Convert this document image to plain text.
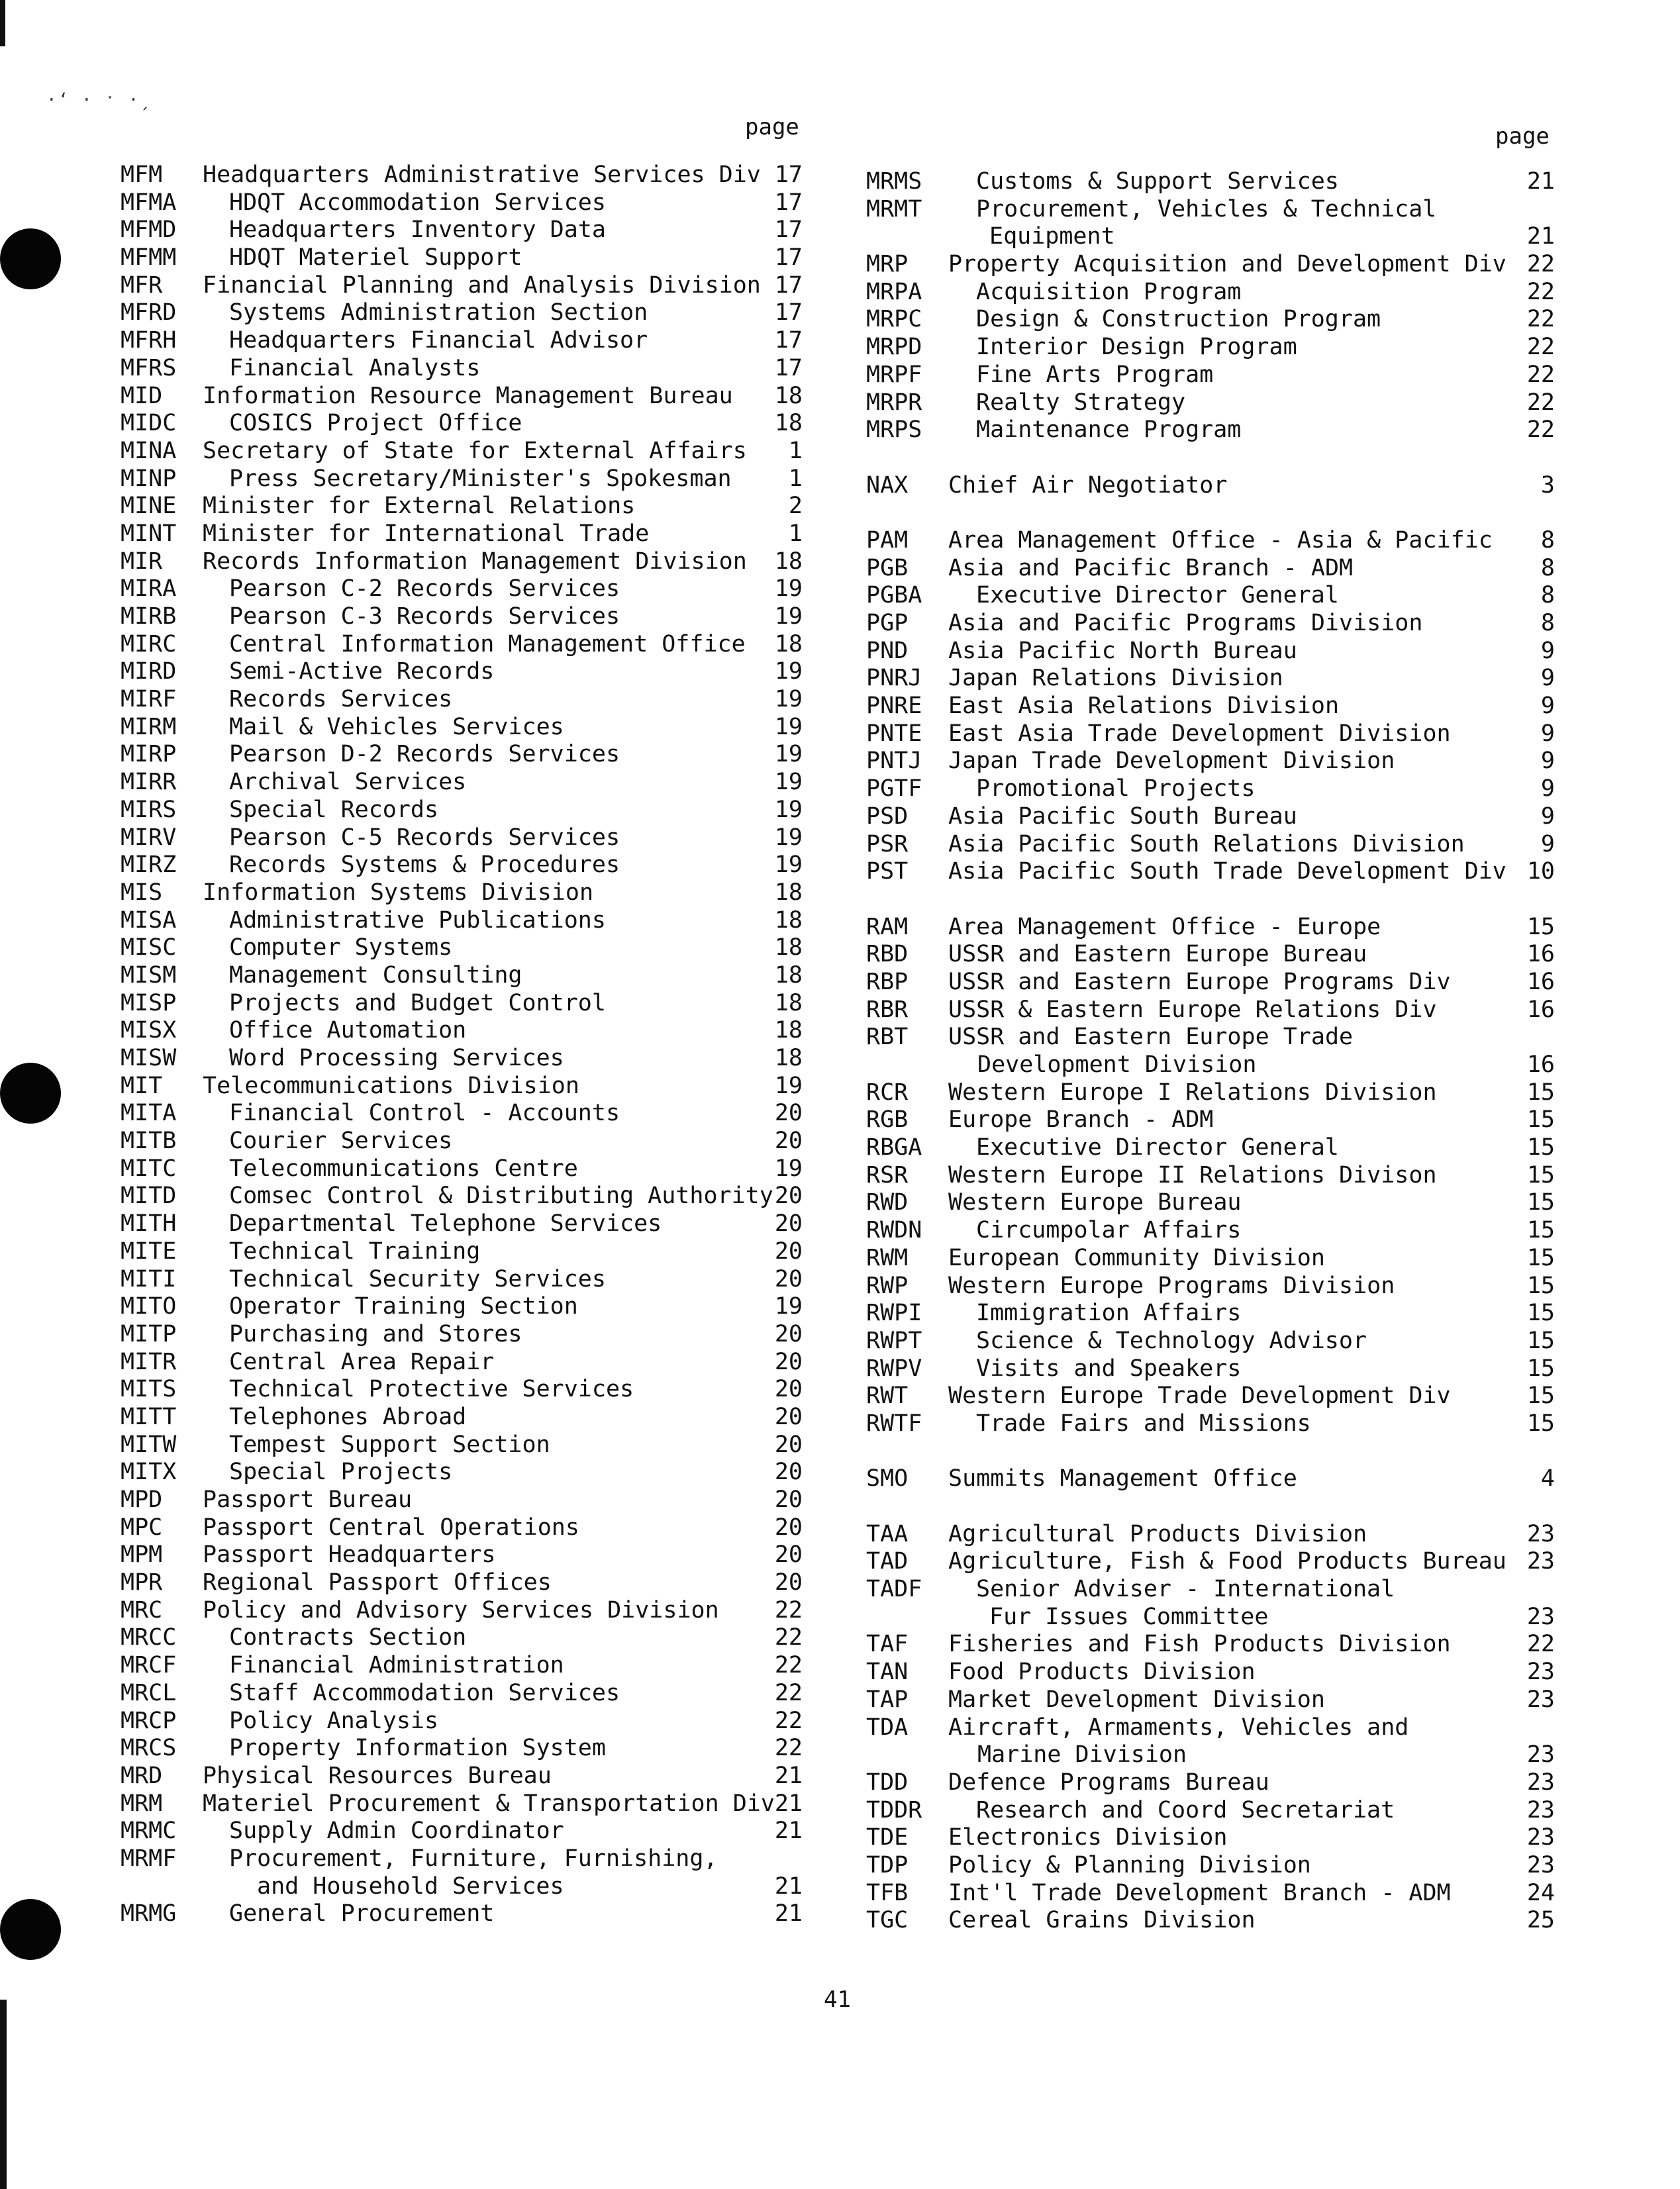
·ʻ · ˑ ·ˏ
page	page
MFM Headquarters Administrative Services Div 17
MFMA HDQT Accommodation Services	17
MFMD Headquarters Inventory Data	17
MFMM HDQT Materiel Support	17
MFR Financial Planning and Analysis Division 17
MFRD Systems Administration Section	17
MFRH Headquarters Financial Advisor	17
MFRS Financial Analysts	17
MID Information Resource Management Bureau 18
MIDC COSICS Project Office	18
MINA Secretary of State for External Affairs 1
MINP Press Secretary/Minister's Spokesman 1
MINE Minister for External Relations	2
MINT Minister for International Trade	1
MIR Records Information Management Division 18
MIRA Pearson C-2 Records Services	19
MIRB Pearson C-3 Records Services	19
MIRC Central Information Management Office 18
MIRD Semi-Active Records	19
MIRF Records Services	19
MIRM Mail & Vehicles Services	19
MIRP Pearson D-2 Records Services	19
MIRR Archival Services	19
MIRS Special Records	19
MIRV Pearson C-5 Records Services	19
MIRZ Records Systems & Procedures	19
MIS Information Systems Division	18
MISA Administrative Publications	18
MISC Computer Systems	18
MISM Management Consulting	18
MISP Projects and Budget Control	18
MISX Office Automation	18
MISW Word Processing Services	18
MIT Telecommunications Division	19
MITA Financial Control - Accounts	20
MITB Courier Services	20
MITC Telecommunications Centre	19
MITD Comsec Control & Distributing Authority 20
MITH Departmental Telephone Services	20
MITE Technical Training	20
MITI Technical Security Services	20
MITO Operator Training Section	19
MITP Purchasing and Stores	20
MITR Central Area Repair	20
MITS Technical Protective Services	20
MITT Telephones Abroad	20
MITW Tempest Support Section	20
MITX Special Projects	20
MPD Passport Bureau	20
MPC Passport Central Operations	20
MPM Passport Headquarters	20
MPR Regional Passport Offices	20
MRC Policy and Advisory Services Division 22
MRCC Contracts Section	22
MRCF Financial Administration	22
MRCL Staff Accommodation Services	22
MRCP Policy Analysis	22
MRCS Property Information System	22
MRD Physical Resources Bureau	21
MRM Materiel Procurement & Transportation Div 21
MRMC Supply Admin Coordinator	21
MRMF Procurement, Furniture, Furnishing,
and Household Services	21
MRMG General Procurement	21
MRMS Customs & Support Services	21
MRMT Procurement, Vehicles & Technical
Equipment	21
MRP Property Acquisition and Development Div 22
MRPA Acquisition Program	22
MRPC Design & Construction Program	22
MRPD Interior Design Program	22
MRPF Fine Arts Program	22
MRPR Realty Strategy	22
MRPS Maintenance Program	22
NAX Chief Air Negotiator	3
PAM Area Management Office - Asia & Pacific 8
PGB Asia and Pacific Branch - ADM	8
PGBA Executive Director General	8
PGP Asia and Pacific Programs Division	8
PND Asia Pacific North Bureau	9
PNRJ Japan Relations Division	9
PNRE East Asia Relations Division	9
PNTE East Asia Trade Development Division	9
PNTJ Japan Trade Development Division	9
PGTF Promotional Projects	9
PSD Asia Pacific South Bureau	9
PSR Asia Pacific South Relations Division	9
PST Asia Pacific South Trade Development Div 10
RAM Area Management Office - Europe	15
RBD USSR and Eastern Europe Bureau	16
RBP USSR and Eastern Europe Programs Div	16
RBR USSR & Eastern Europe Relations Div	16
RBT USSR and Eastern Europe Trade
Development Division	16
RCR Western Europe I Relations Division	15
RGB Europe Branch - ADM	15
RBGA Executive Director General	15
RSR Western Europe II Relations Divison	15
RWD Western Europe Bureau	15
RWDN Circumpolar Affairs	15
RWM European Community Division	15
RWP Western Europe Programs Division	15
RWPI Immigration Affairs	15
RWPT Science & Technology Advisor	15
RWPV Visits and Speakers	15
RWT Western Europe Trade Development Div	15
RWTF Trade Fairs and Missions	15
SMO Summits Management Office	4
TAA Agricultural Products Division	23
TAD Agriculture, Fish & Food Products Bureau 23
TADF Senior Adviser - International
Fur Issues Committee	23
TAF Fisheries and Fish Products Division	22
TAN Food Products Division	23
TAP Market Development Division	23
TDA Aircraft, Armaments, Vehicles and
Marine Division	23
TDD Defence Programs Bureau	23
TDDR Research and Coord Secretariat	23
TDE Electronics Division	23
TDP Policy & Planning Division	23
TFB Int'l Trade Development Branch - ADM	24
TGC Cereal Grains Division	25
41
